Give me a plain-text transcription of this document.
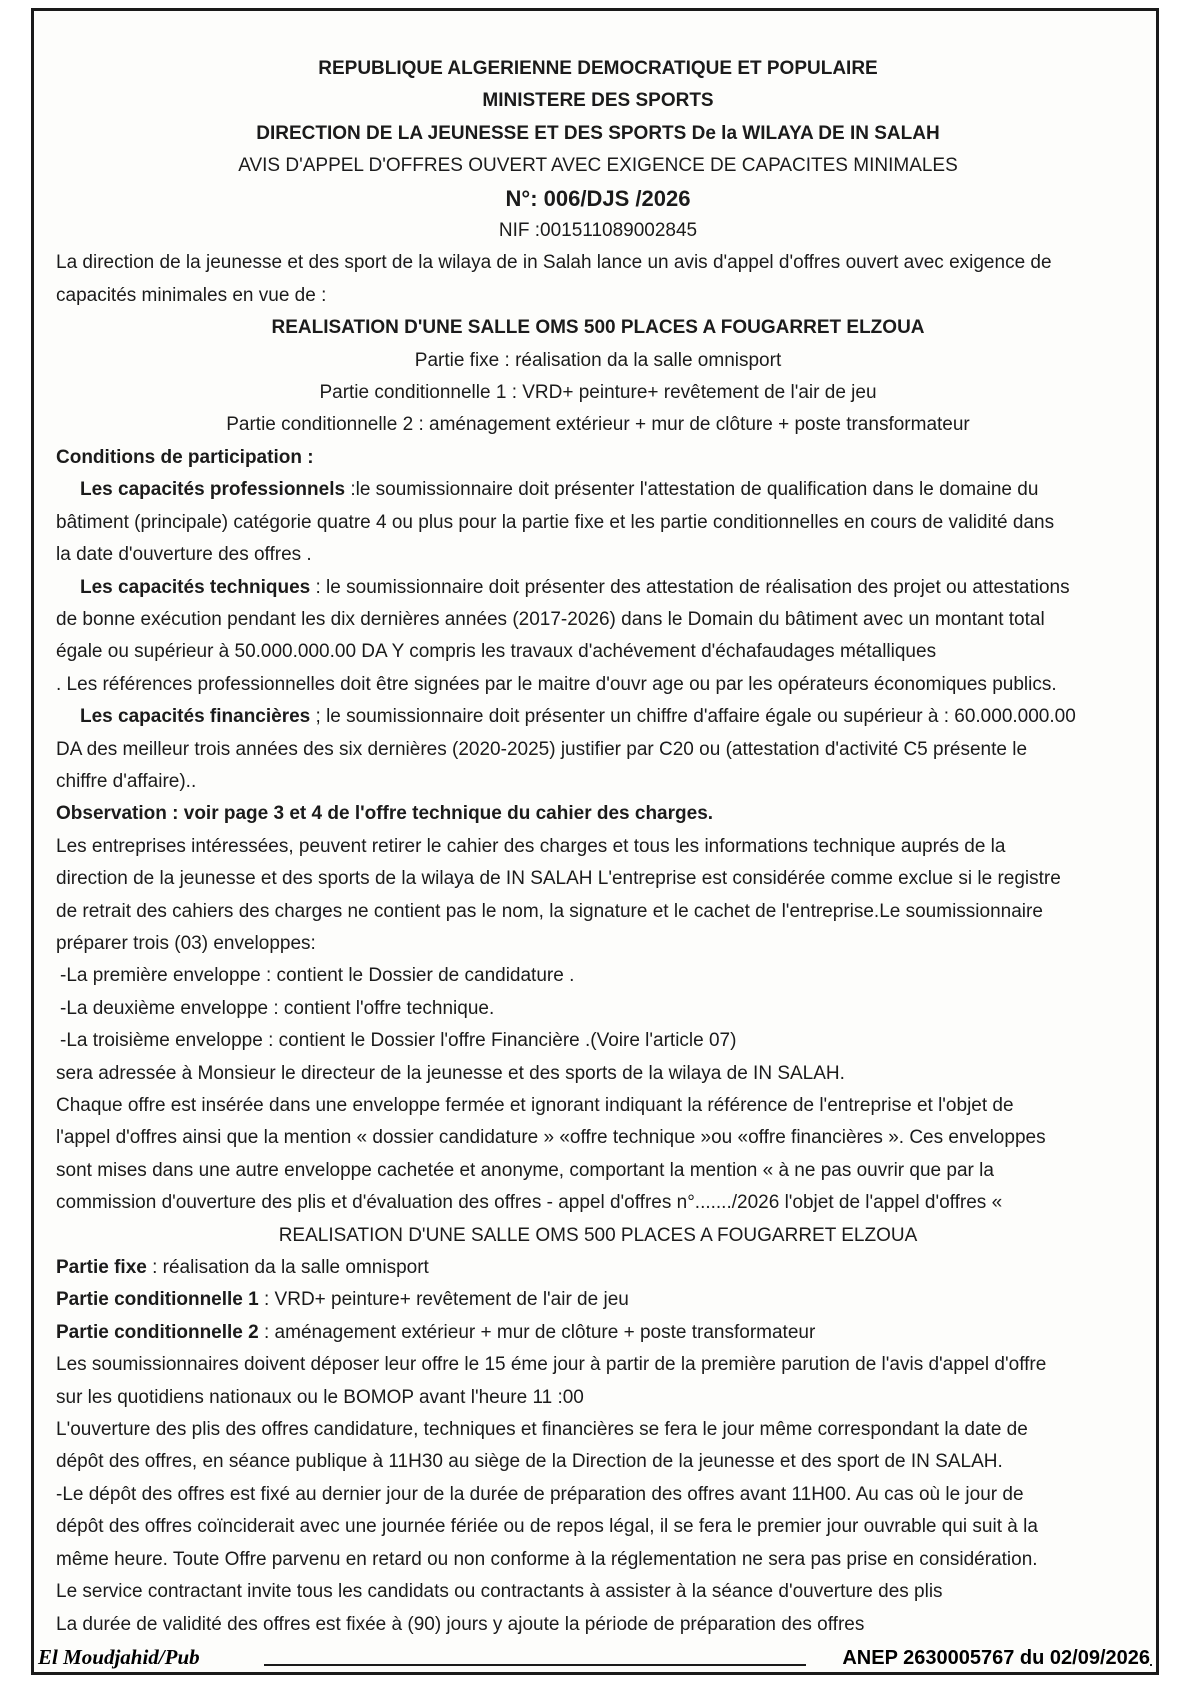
REPUBLIQUE ALGERIENNE DEMOCRATIQUE ET POPULAIRE
MINISTERE DES SPORTS
DIRECTION DE LA JEUNESSE ET DES SPORTS De la WILAYA DE IN SALAH
AVIS D'APPEL D'OFFRES OUVERT AVEC EXIGENCE DE CAPACITES MINIMALES
N°: 006/DJS /2026
NIF :001511089002845
La direction de la jeunesse et des sport de la wilaya de in Salah lance un avis d'appel d'offres ouvert avec exigence de
capacités minimales en vue de :
REALISATION D'UNE SALLE OMS 500 PLACES A FOUGARRET ELZOUA
Partie fixe : réalisation da la salle omnisport
Partie conditionnelle 1 : VRD+ peinture+ revêtement de l'air de jeu
Partie conditionnelle 2 : aménagement extérieur + mur de clôture + poste transformateur
Conditions de participation :
Les capacités professionnels :le soumissionnaire doit présenter l'attestation de qualification dans le domaine du
bâtiment (principale) catégorie quatre 4 ou plus pour la partie fixe et les partie conditionnelles en cours de validité dans
la date d'ouverture des offres .
Les capacités techniques : le soumissionnaire doit présenter des attestation de réalisation des projet ou attestations
de bonne exécution pendant les dix dernières années (2017-2026) dans le Domain du bâtiment avec un montant total
égale ou supérieur à 50.000.000.00 DA Y compris les travaux d'achévement d'échafaudages métalliques
. Les références professionnelles doit être signées par le maitre d'ouvr age ou par les opérateurs économiques publics.
Les capacités financières ; le soumissionnaire doit présenter un chiffre d'affaire égale ou supérieur à : 60.000.000.00
DA des meilleur trois années des six dernières (2020-2025) justifier par C20 ou (attestation d'activité C5 présente le
chiffre d'affaire)..
Observation : voir page 3 et 4 de l'offre technique du cahier des charges.
Les entreprises intéressées, peuvent retirer le cahier des charges et tous les informations technique auprés de la
direction de la jeunesse et des sports de la wilaya de IN SALAH L'entreprise est considérée comme exclue si le registre
de retrait des cahiers des charges ne contient pas le nom, la signature et le cachet de l'entreprise.Le soumissionnaire
préparer trois (03) enveloppes:
-La première enveloppe : contient le Dossier de candidature .
-La deuxième enveloppe : contient l'offre technique.
-La troisième enveloppe : contient le Dossier l'offre Financière .(Voire l'article 07)
sera adressée à Monsieur le directeur de la jeunesse et des sports de la wilaya de IN SALAH.
Chaque offre est insérée dans une enveloppe fermée et ignorant indiquant la référence de l'entreprise et l'objet de
l'appel d'offres ainsi que la mention « dossier candidature » «offre technique »ou «offre financières ». Ces enveloppes
sont mises dans une autre enveloppe cachetée et anonyme, comportant la mention « à ne pas ouvrir que par la
commission d'ouverture des plis et d'évaluation des offres - appel d'offres n°......./2026 l'objet de l'appel d'offres «
REALISATION D'UNE SALLE OMS 500 PLACES A FOUGARRET ELZOUA
Partie fixe : réalisation da la salle omnisport
Partie conditionnelle 1 : VRD+ peinture+ revêtement de l'air de jeu
Partie conditionnelle 2 : aménagement extérieur + mur de clôture + poste transformateur
Les soumissionnaires doivent déposer leur offre le 15 éme jour à partir de la première parution de l'avis d'appel d'offre
sur les quotidiens nationaux ou le BOMOP avant l'heure 11 :00
L'ouverture des plis des offres candidature, techniques et financières se fera le jour même correspondant la date de
dépôt des offres, en séance publique à 11H30 au siège de la Direction de la jeunesse et des sport de IN SALAH.
-Le dépôt des offres est fixé au dernier jour de la durée de préparation des offres avant 11H00. Au cas où le jour de
dépôt des offres coïnciderait avec une journée fériée ou de repos légal, il se fera le premier jour ouvrable qui suit à la
même heure. Toute Offre parvenu en retard ou non conforme à la réglementation ne sera pas prise en considération.
Le service contractant invite tous les candidats ou contractants à assister à la séance d'ouverture des plis
La durée de validité des offres est fixée à (90) jours y ajoute la période de préparation des offres
El Moudjahid/Pub	ANEP 2630005767 du 02/09/2026
